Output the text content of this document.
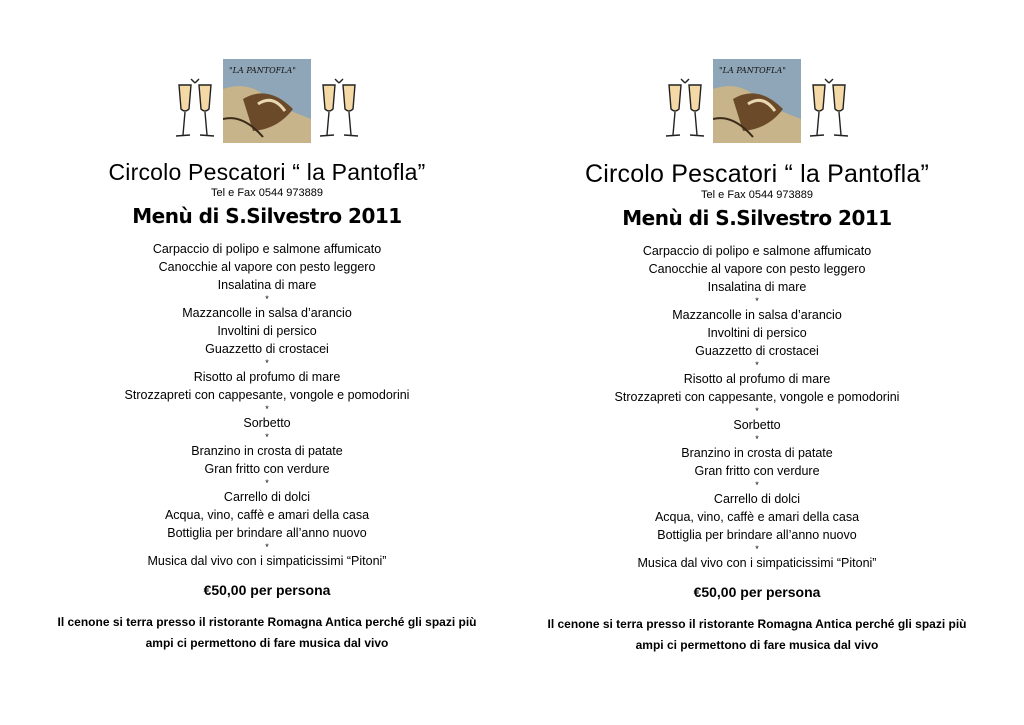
"LA PANTOFLA"
Circolo Pescatori “ la Pantofla”
Tel e Fax 0544 973889
Menù di S.Silvestro 2011
Carpaccio di polipo e salmone affumicato
Canocchie al vapore con pesto leggero
Insalatina di mare
*
Mazzancolle in salsa d’arancio
Involtini di persico
Guazzetto di crostacei
*
Risotto al profumo di mare
Strozzapreti con cappesante, vongole e pomodorini
*
Sorbetto
*
Branzino in crosta di patate
Gran fritto con verdure
*
Carrello di dolci
Acqua, vino, caffè e amari della casa
Bottiglia per brindare all’anno nuovo
*
Musica dal vivo con i simpaticissimi “Pitoni”
€50,00 per persona
Il cenone si terra presso il ristorante Romagna Antica perché gli spazi più
ampi ci permettono di fare musica dal vivo
"LA PANTOFLA"
Circolo Pescatori “ la Pantofla”
Tel e Fax 0544 973889
Menù di S.Silvestro 2011
Carpaccio di polipo e salmone affumicato
Canocchie al vapore con pesto leggero
Insalatina di mare
*
Mazzancolle in salsa d’arancio
Involtini di persico
Guazzetto di crostacei
*
Risotto al profumo di mare
Strozzapreti con cappesante, vongole e pomodorini
*
Sorbetto
*
Branzino in crosta di patate
Gran fritto con verdure
*
Carrello di dolci
Acqua, vino, caffè e amari della casa
Bottiglia per brindare all’anno nuovo
*
Musica dal vivo con i simpaticissimi “Pitoni”
€50,00 per persona
Il cenone si terra presso il ristorante Romagna Antica perché gli spazi più
ampi ci permettono di fare musica dal vivo
